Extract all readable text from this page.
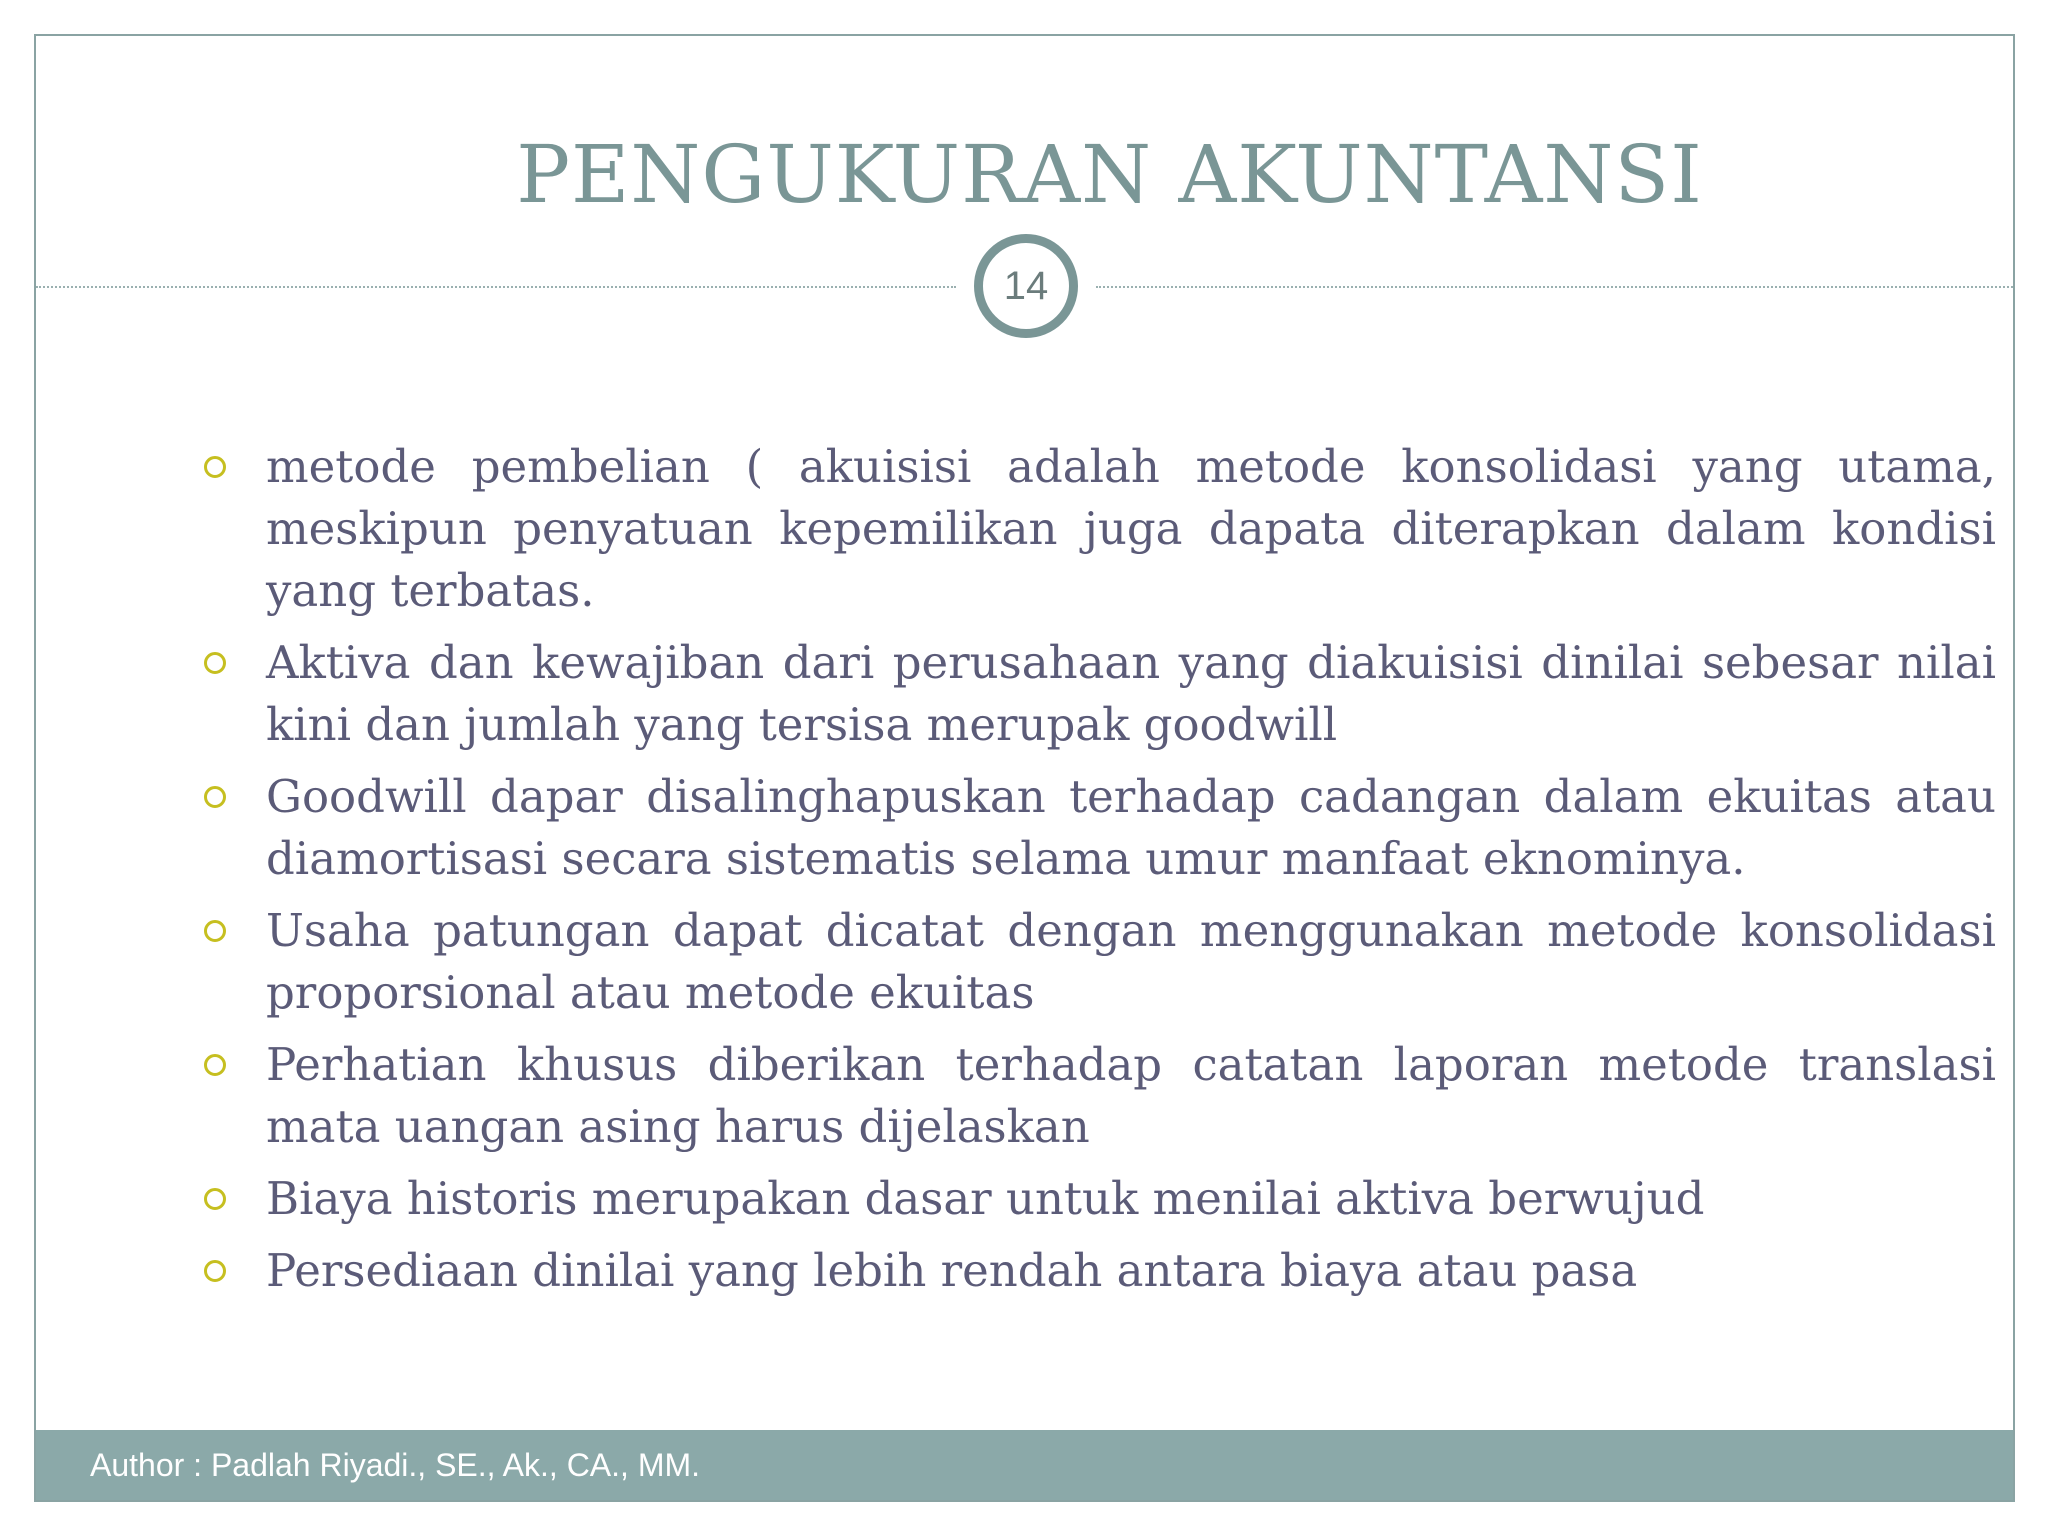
PENGUKURAN AKUNTANSI
14
metode pembelian ( akuisisi adalah metode konsolidasi yang utama, meskipun penyatuan kepemilikan juga dapata diterapkan dalam kondisi yang terbatas.
Aktiva dan kewajiban dari perusahaan yang diakuisisi dinilai sebesar nilai kini dan jumlah yang tersisa merupak goodwill
Goodwill dapar disalinghapuskan terhadap cadangan dalam ekuitas atau diamortisasi secara sistematis selama umur manfaat eknominya.
Usaha patungan dapat dicatat dengan menggunakan metode konsolidasi proporsional atau metode ekuitas
Perhatian khusus diberikan terhadap catatan laporan metode translasi mata uangan asing harus dijelaskan
Biaya historis merupakan dasar untuk menilai aktiva berwujud
Persediaan dinilai yang lebih rendah antara biaya atau pasa
Author : Padlah Riyadi., SE., Ak., CA., MM.
